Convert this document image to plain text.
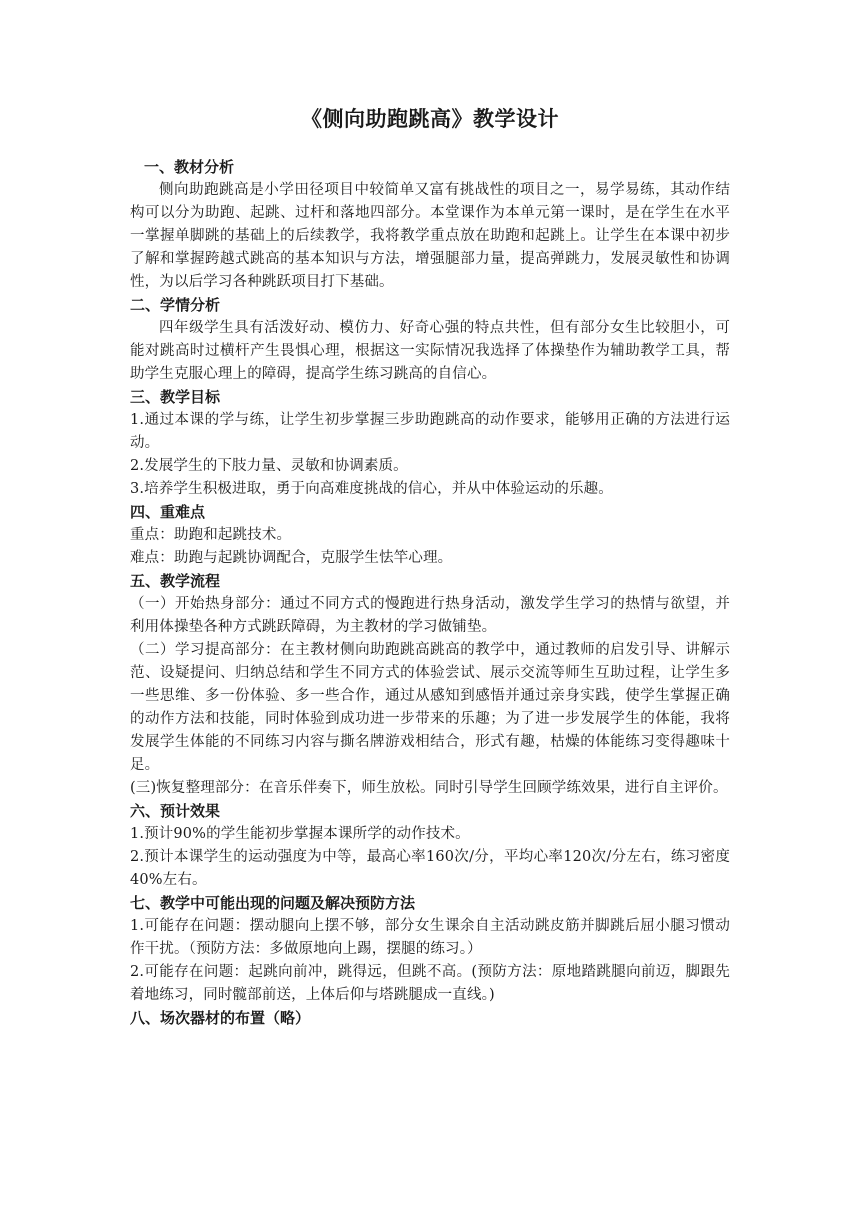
《侧向助跑跳高》教学设计
一、教材分析

侧向助跑跳高是小学田径项目中较简单又富有挑战性的项目之一，易学易练，其动作结构可以分为助跑、起跳、过杆和落地四部分。本堂课作为本单元第一课时，是在学生在水平一掌握单脚跳的基础上的后续教学，我将教学重点放在助跑和起跳上。让学生在本课中初步了解和掌握跨越式跳高的基本知识与方法，增强腿部力量，提高弹跳力，发展灵敏性和协调性，为以后学习各种跳跃项目打下基础。

二、学情分析

四年级学生具有活泼好动、模仿力、好奇心强的特点共性，但有部分女生比较胆小，可能对跳高时过横杆产生畏惧心理，根据这一实际情况我选择了体操垫作为辅助教学工具，帮助学生克服心理上的障碍，提高学生练习跳高的自信心。

三、教学目标

1.通过本课的学与练，让学生初步掌握三步助跑跳高的动作要求，能够用正确的方法进行运动。

2.发展学生的下肢力量、灵敏和协调素质。

3.培养学生积极进取，勇于向高难度挑战的信心，并从中体验运动的乐趣。

四、重难点

重点：助跑和起跳技术。

难点：助跑与起跳协调配合，克服学生怯竿心理。

五、教学流程

（一）开始热身部分：通过不同方式的慢跑进行热身活动，激发学生学习的热情与欲望，并利用体操垫各种方式跳跃障碍，为主教材的学习做铺垫。

（二）学习提高部分：在主教材侧向助跑跳高跳高的教学中，通过教师的启发引导、讲解示范、设疑提问、归纳总结和学生不同方式的体验尝试、展示交流等师生互助过程，让学生多一些思维、多一份体验、多一些合作，通过从感知到感悟并通过亲身实践，使学生掌握正确的动作方法和技能，同时体验到成功进一步带来的乐趣；为了进一步发展学生的体能，我将发展学生体能的不同练习内容与撕名牌游戏相结合，形式有趣，枯燥的体能练习变得趣味十足。

(三)恢复整理部分：在音乐伴奏下，师生放松。同时引导学生回顾学练效果，进行自主评价。

六、预计效果

1.预计90%的学生能初步掌握本课所学的动作技术。

2.预计本课学生的运动强度为中等，最高心率160次/分，平均心率120次/分左右，练习密度40%左右。

七、教学中可能出现的问题及解决预防方法

1.可能存在问题：摆动腿向上摆不够，部分女生课余自主活动跳皮筋并脚跳后屈小腿习惯动作干扰。（预防方法：多做原地向上踢，摆腿的练习。）

2.可能存在问题：起跳向前冲，跳得远，但跳不高。(预防方法：原地踏跳腿向前迈，脚跟先着地练习，同时髋部前送，上体后仰与塔跳腿成一直线。)

八、场次器材的布置（略）
